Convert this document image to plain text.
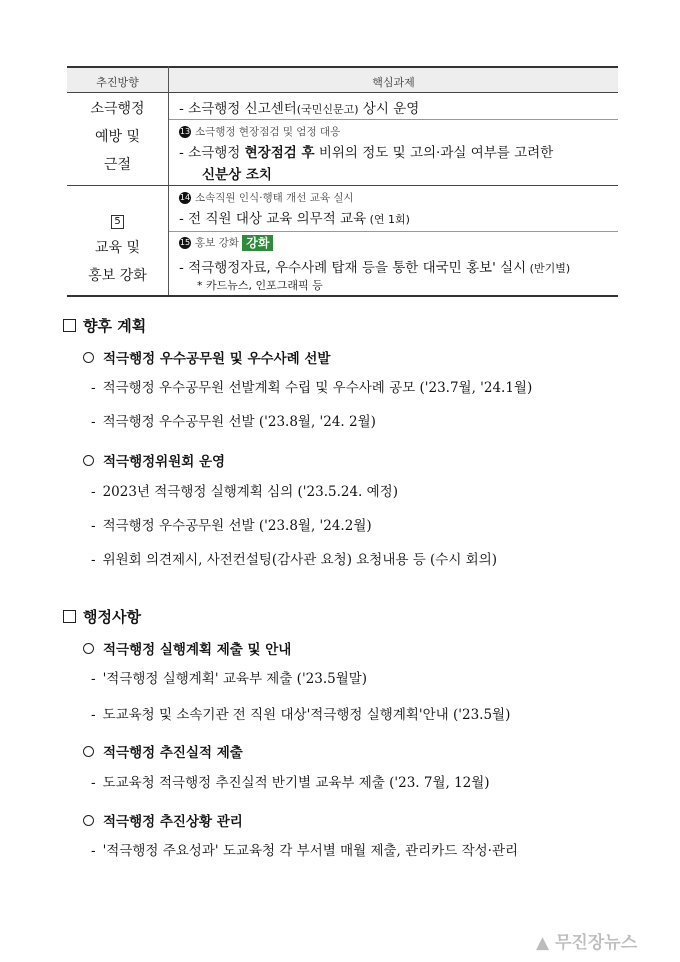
추진방향	핵심과제
소극행정
예방 및
근절
- 소극행정 신고센터(국민신문고) 상시 운영
13 소극행정 현장점검 및 엄정 대응
- 소극행정 현장점검 후 비위의 정도 및 고의·과실 여부를 고려한
신분상 조치
5
교육 및
홍보 강화
14 소속직원 인식·행태 개선 교육 실시
- 전 직원 대상 교육 의무적 교육 (연 1회)
15 홍보 강화 강화
- 적극행정자료, 우수사례 탑재 등을 통한 대국민 홍보' 실시 (반기별)
* 카드뉴스, 인포그래픽 등
향후 계획
적극행정 우수공무원 및 우수사례 선발
- 적극행정 우수공무원 선발계획 수립 및 우수사례 공모 ('23.7월, '24.1월)
- 적극행정 우수공무원 선발 ('23.8월, '24. 2월)
적극행정위원회 운영
- 2023년 적극행정 실행계획 심의 ('23.5.24. 예정)
- 적극행정 우수공무원 선발 ('23.8월, '24.2월)
- 위원회 의견제시, 사전컨설팅(감사관 요청) 요청내용 등 (수시 회의)
행정사항
적극행정 실행계획 제출 및 안내
- '적극행정 실행계획' 교육부 제출 ('23.5월말)
- 도교육청 및 소속기관 전 직원 대상'적극행정 실행계획'안내 ('23.5월)
적극행정 추진실적 제출
- 도교육청 적극행정 추진실적 반기별 교육부 제출 ('23. 7월, 12월)
적극행정 추진상황 관리
- '적극행정 주요성과' 도교육청 각 부서별 매월 제출, 관리카드 작성·관리
▲ 무진장뉴스
